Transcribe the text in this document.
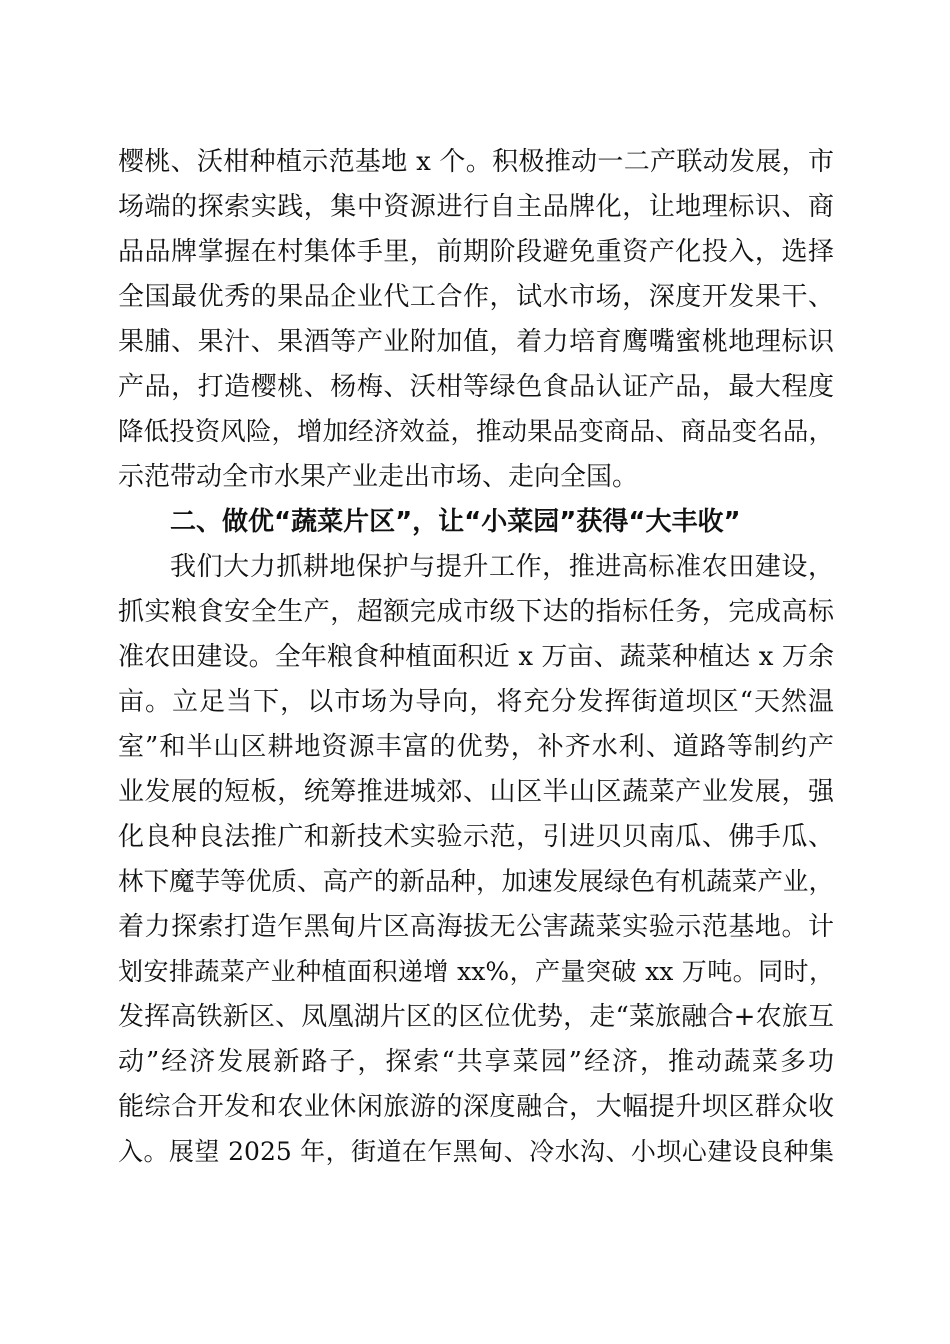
樱桃、沃柑种植示范基地 x 个。积极推动一二产联动发展，市
场端的探索实践，集中资源进行自主品牌化，让地理标识、商
品品牌掌握在村集体手里，前期阶段避免重资产化投入，选择
全国最优秀的果品企业代工合作，试水市场，深度开发果干、
果脯、果汁、果酒等产业附加值，着力培育鹰嘴蜜桃地理标识
产品，打造樱桃、杨梅、沃柑等绿色食品认证产品，最大程度
降低投资风险，增加经济效益，推动果品变商品、商品变名品，
示范带动全市水果产业走出市场、走向全国。
二、做优“蔬菜片区”，让“小菜园”获得“大丰收”
我们大力抓耕地保护与提升工作，推进高标准农田建设，
抓实粮食安全生产，超额完成市级下达的指标任务，完成高标
准农田建设。全年粮食种植面积近 x 万亩、蔬菜种植达 x 万余
亩。立足当下，以市场为导向，将充分发挥街道坝区“天然温
室”和半山区耕地资源丰富的优势，补齐水利、道路等制约产
业发展的短板，统筹推进城郊、山区半山区蔬菜产业发展，强
化良种良法推广和新技术实验示范，引进贝贝南瓜、佛手瓜、
林下魔芋等优质、高产的新品种，加速发展绿色有机蔬菜产业，
着力探索打造乍黑甸片区高海拔无公害蔬菜实验示范基地。计
划安排蔬菜产业种植面积递增 xx%，产量突破 xx 万吨。同时，
发挥高铁新区、凤凰湖片区的区位优势，走“菜旅融合+农旅互
动”经济发展新路子，探索“共享菜园”经济，推动蔬菜多功
能综合开发和农业休闲旅游的深度融合，大幅提升坝区群众收
入。展望 2025 年，街道在乍黑甸、冷水沟、小坝心建设良种集
